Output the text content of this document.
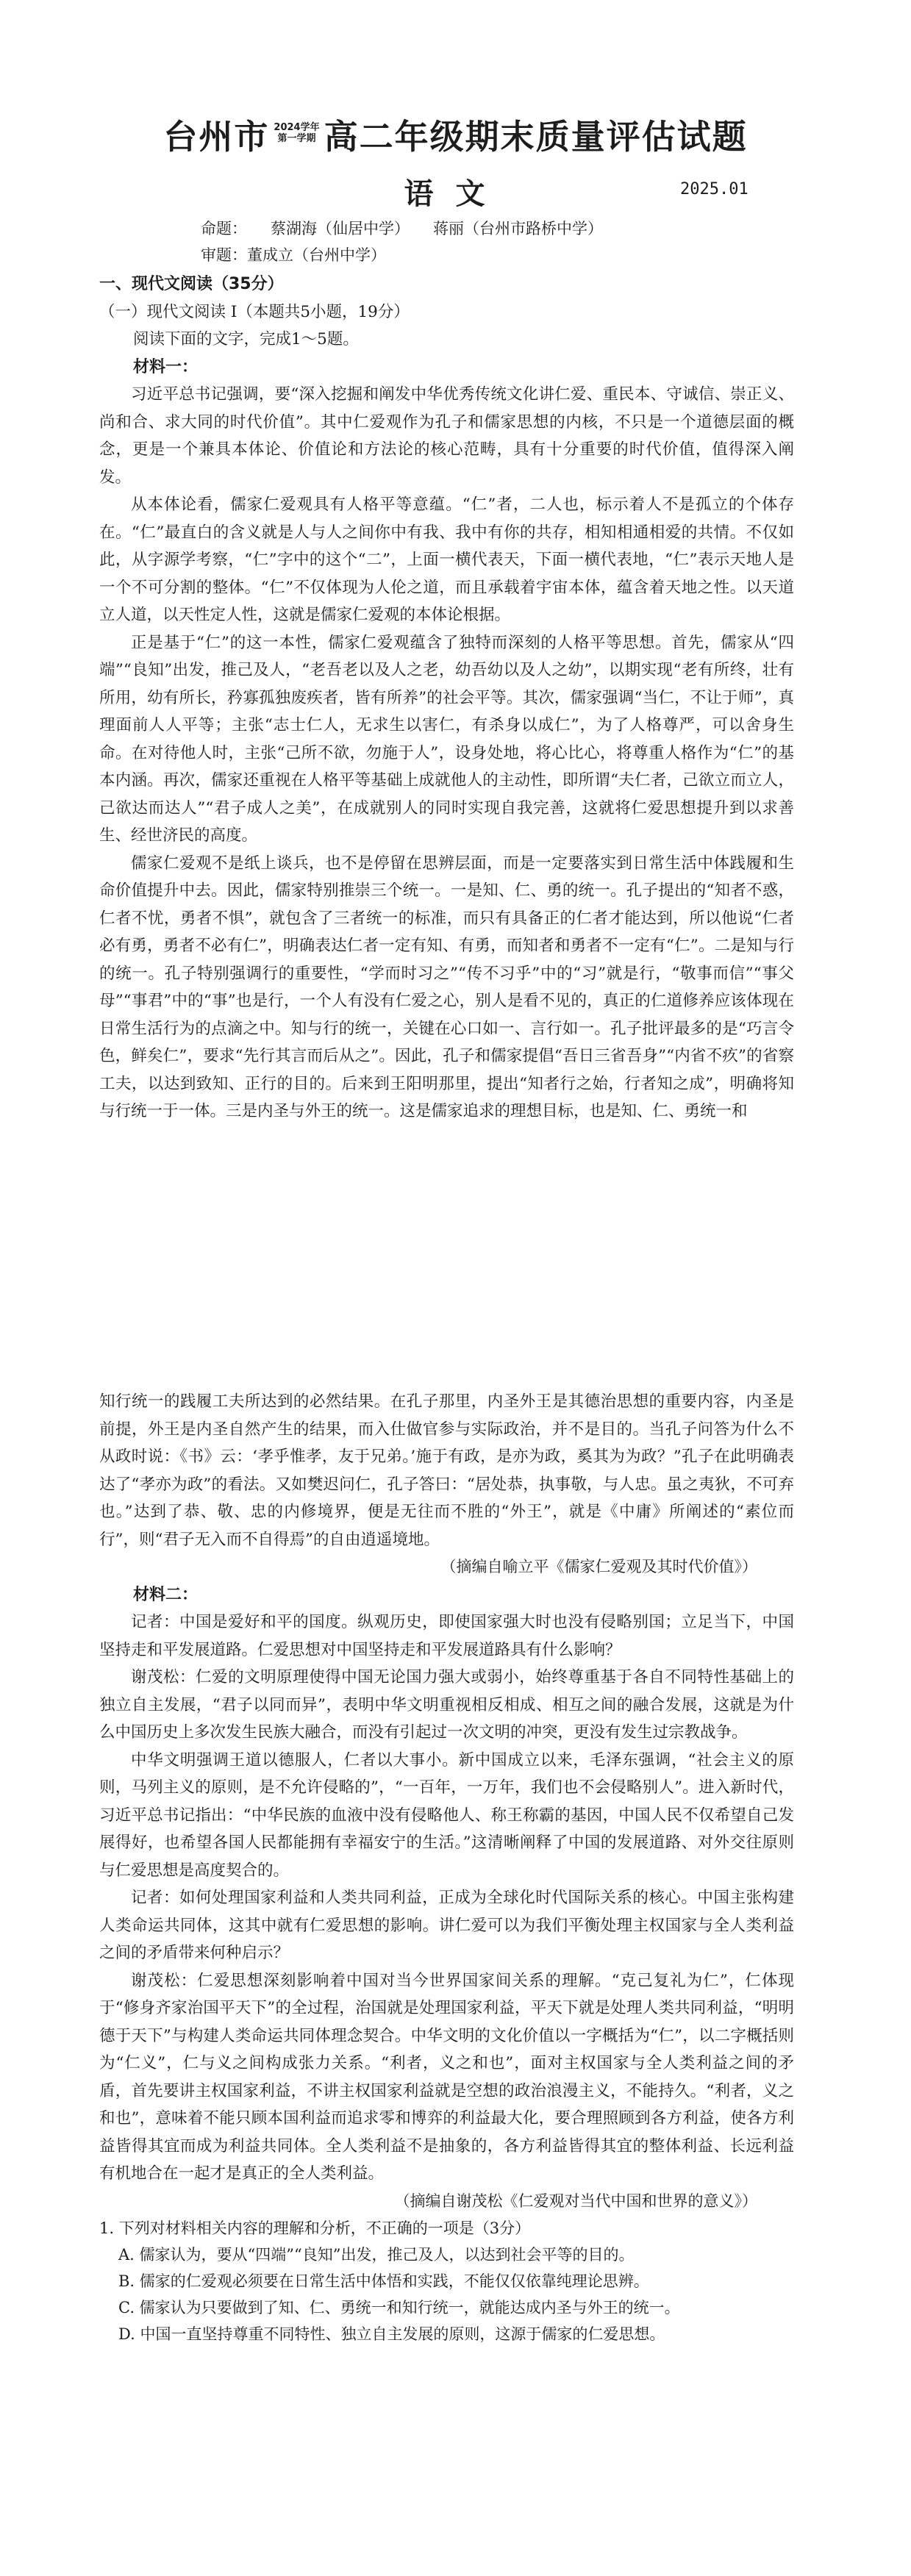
台州市 2024学年
第一学期 高二年级期末质量评估试题
语文	2025.01
命题： 蔡湖海（仙居中学） 蒋丽（台州市路桥中学）
审题：董成立（台州中学）
一、现代文阅读（35分）
（一）现代文阅读 I（本题共5小题，19分）
阅读下面的文字，完成1～5题。
材料一：

习近平总书记强调，要“深入挖掘和阐发中华优秀传统文化讲仁爱、重民本、守诚信、崇正义、尚和合、求大同的时代价值”。其中仁爱观作为孔子和儒家思想的内核，不只是一个道德层面的概念，更是一个兼具本体论、价值论和方法论的核心范畴，具有十分重要的时代价值，值得深入阐发。

从本体论看，儒家仁爱观具有人格平等意蕴。“仁”者，二人也，标示着人不是孤立的个体存在。“仁”最直白的含义就是人与人之间你中有我、我中有你的共存，相知相通相爱的共情。不仅如此，从字源学考察，“仁”字中的这个“二”，上面一横代表天，下面一横代表地，“仁”表示天地人是一个不可分割的整体。“仁”不仅体现为人伦之道，而且承载着宇宙本体，蕴含着天地之性。以天道立人道，以天性定人性，这就是儒家仁爱观的本体论根据。

正是基于“仁”的这一本性，儒家仁爱观蕴含了独特而深刻的人格平等思想。首先，儒家从“四端”“良知”出发，推己及人，“老吾老以及人之老，幼吾幼以及人之幼”，以期实现“老有所终，壮有所用，幼有所长，矜寡孤独废疾者，皆有所养”的社会平等。其次，儒家强调“当仁，不让于师”，真理面前人人平等；主张“志士仁人，无求生以害仁，有杀身以成仁”，为了人格尊严，可以舍身生命。在对待他人时，主张“己所不欲，勿施于人”，设身处地，将心比心，将尊重人格作为“仁”的基本内涵。再次，儒家还重视在人格平等基础上成就他人的主动性，即所谓“夫仁者，己欲立而立人，己欲达而达人”“君子成人之美”，在成就别人的同时实现自我完善，这就将仁爱思想提升到以求善生、经世济民的高度。

儒家仁爱观不是纸上谈兵，也不是停留在思辨层面，而是一定要落实到日常生活中体践履和生命价值提升中去。因此，儒家特别推崇三个统一。一是知、仁、勇的统一。孔子提出的“知者不惑，仁者不忧，勇者不惧”，就包含了三者统一的标准，而只有具备正的仁者才能达到，所以他说“仁者必有勇，勇者不必有仁”，明确表达仁者一定有知、有勇，而知者和勇者不一定有“仁”。二是知与行的统一。孔子特别强调行的重要性，“学而时习之”“传不习乎”中的“习”就是行，“敬事而信”“事父母”“事君”中的“事”也是行，一个人有没有仁爱之心，别人是看不见的，真正的仁道修养应该体现在日常生活行为的点滴之中。知与行的统一，关键在心口如一、言行如一。孔子批评最多的是“巧言令色，鲜矣仁”，要求“先行其言而后从之”。因此，孔子和儒家提倡“吾日三省吾身”“内省不疚”的省察工夫，以达到致知、正行的目的。后来到王阳明那里，提出“知者行之始，行者知之成”，明确将知与行统一于一体。三是内圣与外王的统一。这是儒家追求的理想目标，也是知、仁、勇统一和

知行统一的践履工夫所达到的必然结果。在孔子那里，内圣外王是其德治思想的重要内容，内圣是前提，外王是内圣自然产生的结果，而入仕做官参与实际政治，并不是目的。当孔子问答为什么不从政时说：《书》云：‘孝乎惟孝，友于兄弟。’施于有政，是亦为政，奚其为为政？”孔子在此明确表达了“孝亦为政”的看法。又如樊迟问仁，孔子答曰：“居处恭，执事敬，与人忠。虽之夷狄，不可弃也。”达到了恭、敬、忠的内修境界，便是无往而不胜的“外王”，就是《中庸》所阐述的“素位而行”，则“君子无入而不自得焉”的自由逍遥境地。

（摘编自喻立平《儒家仁爱观及其时代价值》）
材料二：

记者：中国是爱好和平的国度。纵观历史，即使国家强大时也没有侵略别国；立足当下，中国坚持走和平发展道路。仁爱思想对中国坚持走和平发展道路具有什么影响？

谢茂松：仁爱的文明原理使得中国无论国力强大或弱小，始终尊重基于各自不同特性基础上的独立自主发展，“君子以同而异”，表明中华文明重视相反相成、相互之间的融合发展，这就是为什么中国历史上多次发生民族大融合，而没有引起过一次文明的冲突，更没有发生过宗教战争。

中华文明强调王道以德服人，仁者以大事小。新中国成立以来，毛泽东强调，“社会主义的原则，马列主义的原则，是不允许侵略的”，“一百年，一万年，我们也不会侵略别人”。进入新时代，习近平总书记指出：“中华民族的血液中没有侵略他人、称王称霸的基因，中国人民不仅希望自己发展得好，也希望各国人民都能拥有幸福安宁的生活。”这清晰阐释了中国的发展道路、对外交往原则与仁爱思想是高度契合的。

记者：如何处理国家利益和人类共同利益，正成为全球化时代国际关系的核心。中国主张构建人类命运共同体，这其中就有仁爱思想的影响。讲仁爱可以为我们平衡处理主权国家与全人类利益之间的矛盾带来何种启示？

谢茂松：仁爱思想深刻影响着中国对当今世界国家间关系的理解。“克己复礼为仁”，仁体现于“修身齐家治国平天下”的全过程，治国就是处理国家利益，平天下就是处理人类共同利益，“明明德于天下”与构建人类命运共同体理念契合。中华文明的文化价值以一字概括为“仁”，以二字概括则为“仁义”，仁与义之间构成张力关系。“利者，义之和也”，面对主权国家与全人类利益之间的矛盾，首先要讲主权国家利益，不讲主权国家利益就是空想的政治浪漫主义，不能持久。“利者，义之和也”，意味着不能只顾本国利益而追求零和博弈的利益最大化，要合理照顾到各方利益，使各方利益皆得其宜而成为利益共同体。全人类利益不是抽象的，各方利益皆得其宜的整体利益、长远利益有机地合在一起才是真正的全人类利益。

（摘编自谢茂松《仁爱观对当代中国和世界的意义》）
1. 下列对材料相关内容的理解和分析，不正确的一项是（3分）
A. 儒家认为，要从“四端”“良知”出发，推己及人，以达到社会平等的目的。
B. 儒家的仁爱观必须要在日常生活中体悟和实践，不能仅仅依靠纯理论思辨。
C. 儒家认为只要做到了知、仁、勇统一和知行统一，就能达成内圣与外王的统一。
D. 中国一直坚持尊重不同特性、独立自主发展的原则，这源于儒家的仁爱思想。
